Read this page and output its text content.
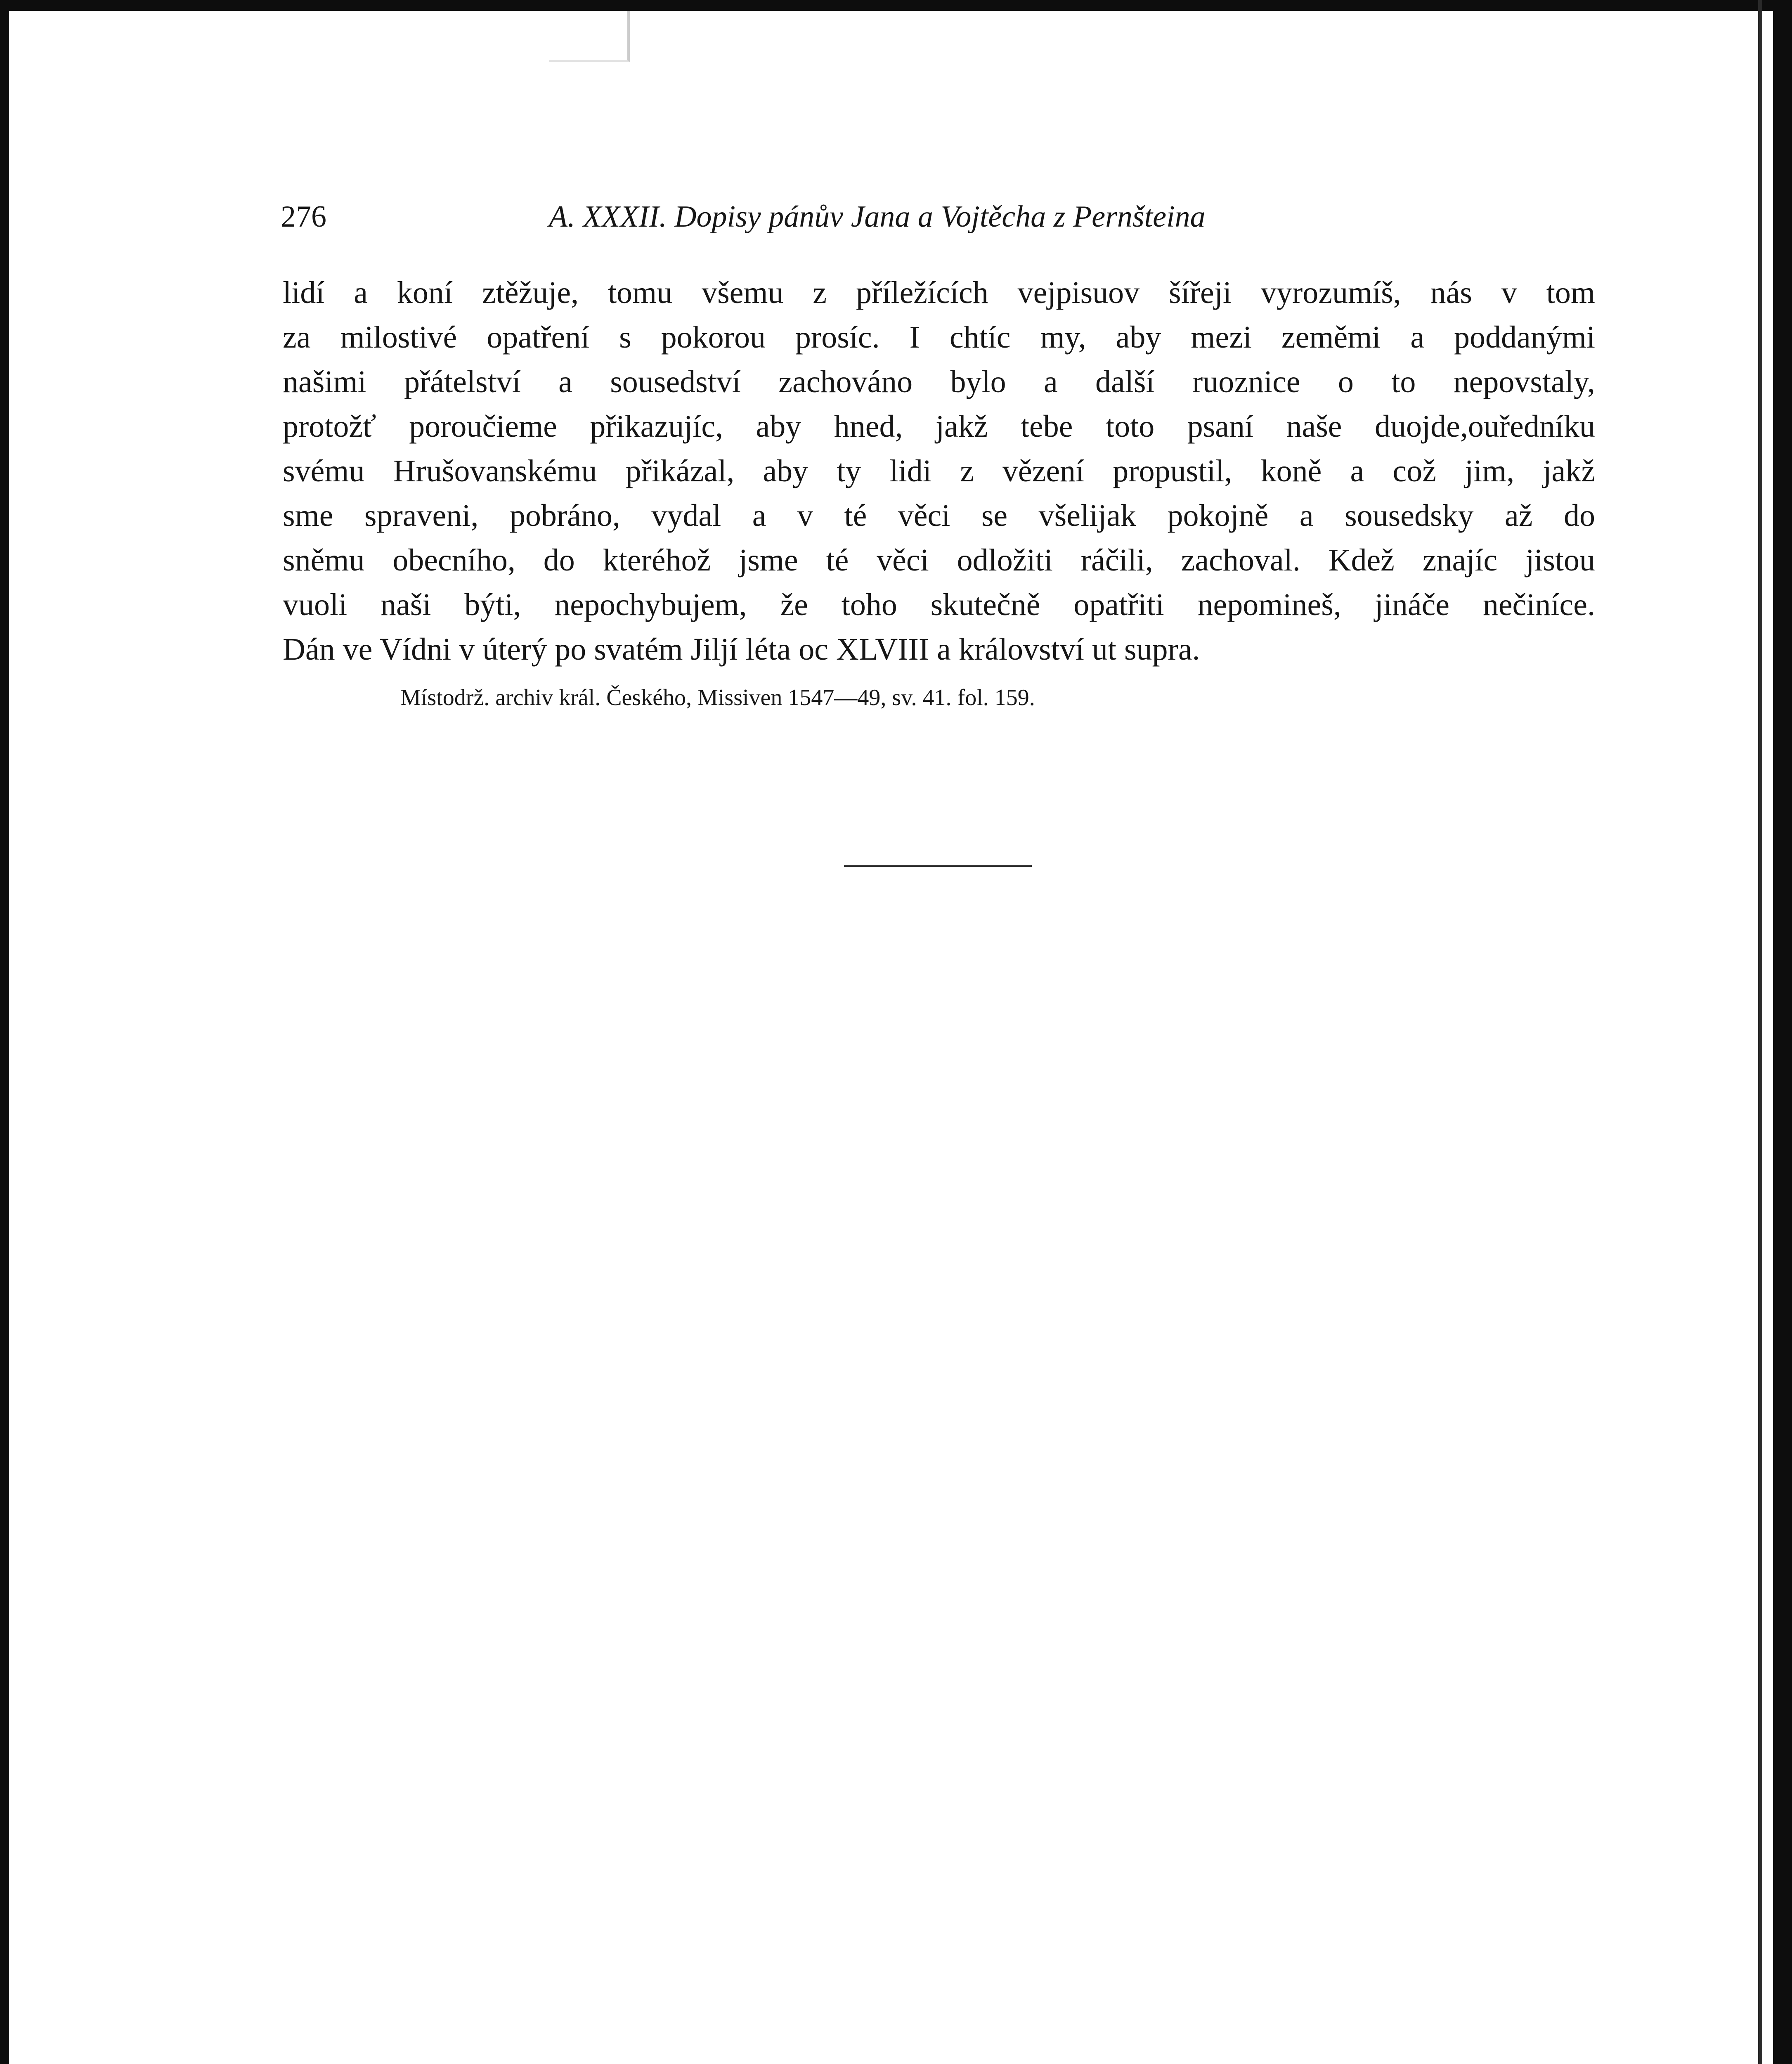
276	A. XXXII. Dopisy pánův Jana a Vojtěcha z Pernšteina
lidí a koní ztěžuje, tomu všemu z příležících vejpisuov šířeji vyrozumíš, nás v tom
za milostivé opatření s pokorou prosíc. I chtíc my, aby mezi zeměmi a poddanými
našimi přátelství a sousedství zachováno bylo a další ruoznice o to nepovstaly,
protožť poroučieme přikazujíc, aby hned, jakž tebe toto psaní naše duojde,ouředníku
svému Hrušovanskému přikázal, aby ty lidi z vězení propustil, koně a což jim, jakž
sme spraveni, pobráno, vydal a v té věci se všelijak pokojně a sousedsky až do
sněmu obecního, do kteréhož jsme té věci odložiti ráčili, zachoval. Kdež znajíc jistou
vuoli naši býti, nepochybujem, že toho skutečně opatřiti nepomineš, jináče nečiníce.
Dán ve Vídni v úterý po svatém Jiljí léta oc XLVIII a království ut supra.
Místodrž. archiv král. Českého, Missiven 1547—49, sv. 41. fol. 159.
